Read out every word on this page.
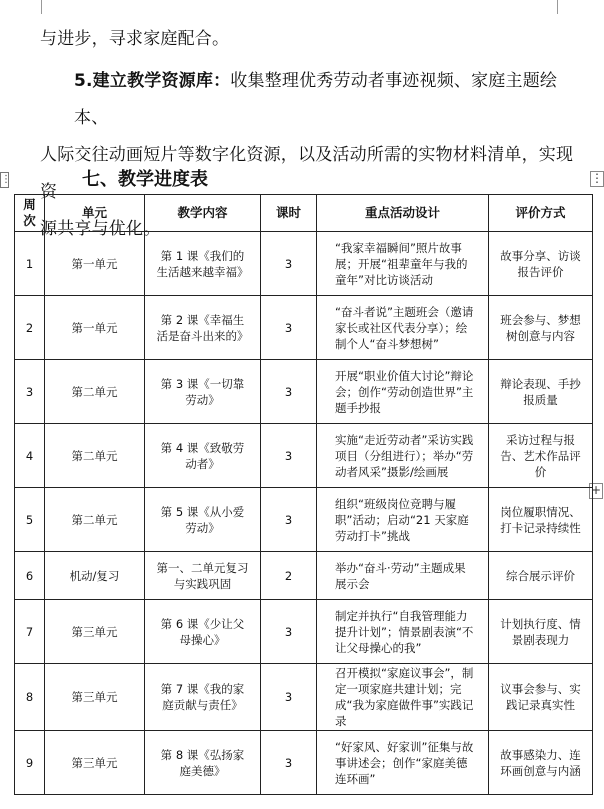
与进步，寻求家庭配合。
5.建立教学资源库：收集整理优秀劳动者事迹视频、家庭主题绘本、
人际交往动画短片等数字化资源，以及活动所需的实物材料清单，实现资
源共享与优化。
七、教学进度表
⋮	⋮
+
周次	单元	教学内容	课时	重点活动设计	评价方式
1	第一单元	第 1 课《我们的生活越来越幸福》	3	“我家幸福瞬间”照片故事展；开展“祖辈童年与我的童年”对比访谈活动	故事分享、访谈报告评价
2	第一单元	第 2 课《幸福生活是奋斗出来的》	3	“奋斗者说”主题班会（邀请家长或社区代表分享）；绘制个人“奋斗梦想树”	班会参与、梦想树创意与内容
3	第二单元	第 3 课《一切靠劳动》	3	开展“职业价值大讨论”辩论会；创作“劳动创造世界”主题手抄报	辩论表现、手抄报质量
4	第二单元	第 4 课《致敬劳动者》	3	实施“走近劳动者”采访实践项目（分组进行）；举办“劳动者风采”摄影/绘画展	采访过程与报告、艺术作品评价
5	第二单元	第 5 课《从小爱劳动》	3	组织“班级岗位竞聘与履职”活动；启动“21 天家庭劳动打卡”挑战	岗位履职情况、打卡记录持续性
6	机动/复习	第一、二单元复习与实践巩固	2	举办“奋斗·劳动”主题成果展示会	综合展示评价
7	第三单元	第 6 课《少让父母操心》	3	制定并执行“自我管理能力提升计划”；情景剧表演“不让父母操心的我”	计划执行度、情景剧表现力
8	第三单元	第 7 课《我的家庭贡献与责任》	3	召开模拟“家庭议事会”，制定一项家庭共建计划；完成“我为家庭做件事”实践记录	议事会参与、实践记录真实性
9	第三单元	第 8 课《弘扬家庭美德》	3	“好家风、好家训”征集与故事讲述会；创作“家庭美德连环画”	故事感染力、连环画创意与内涵
